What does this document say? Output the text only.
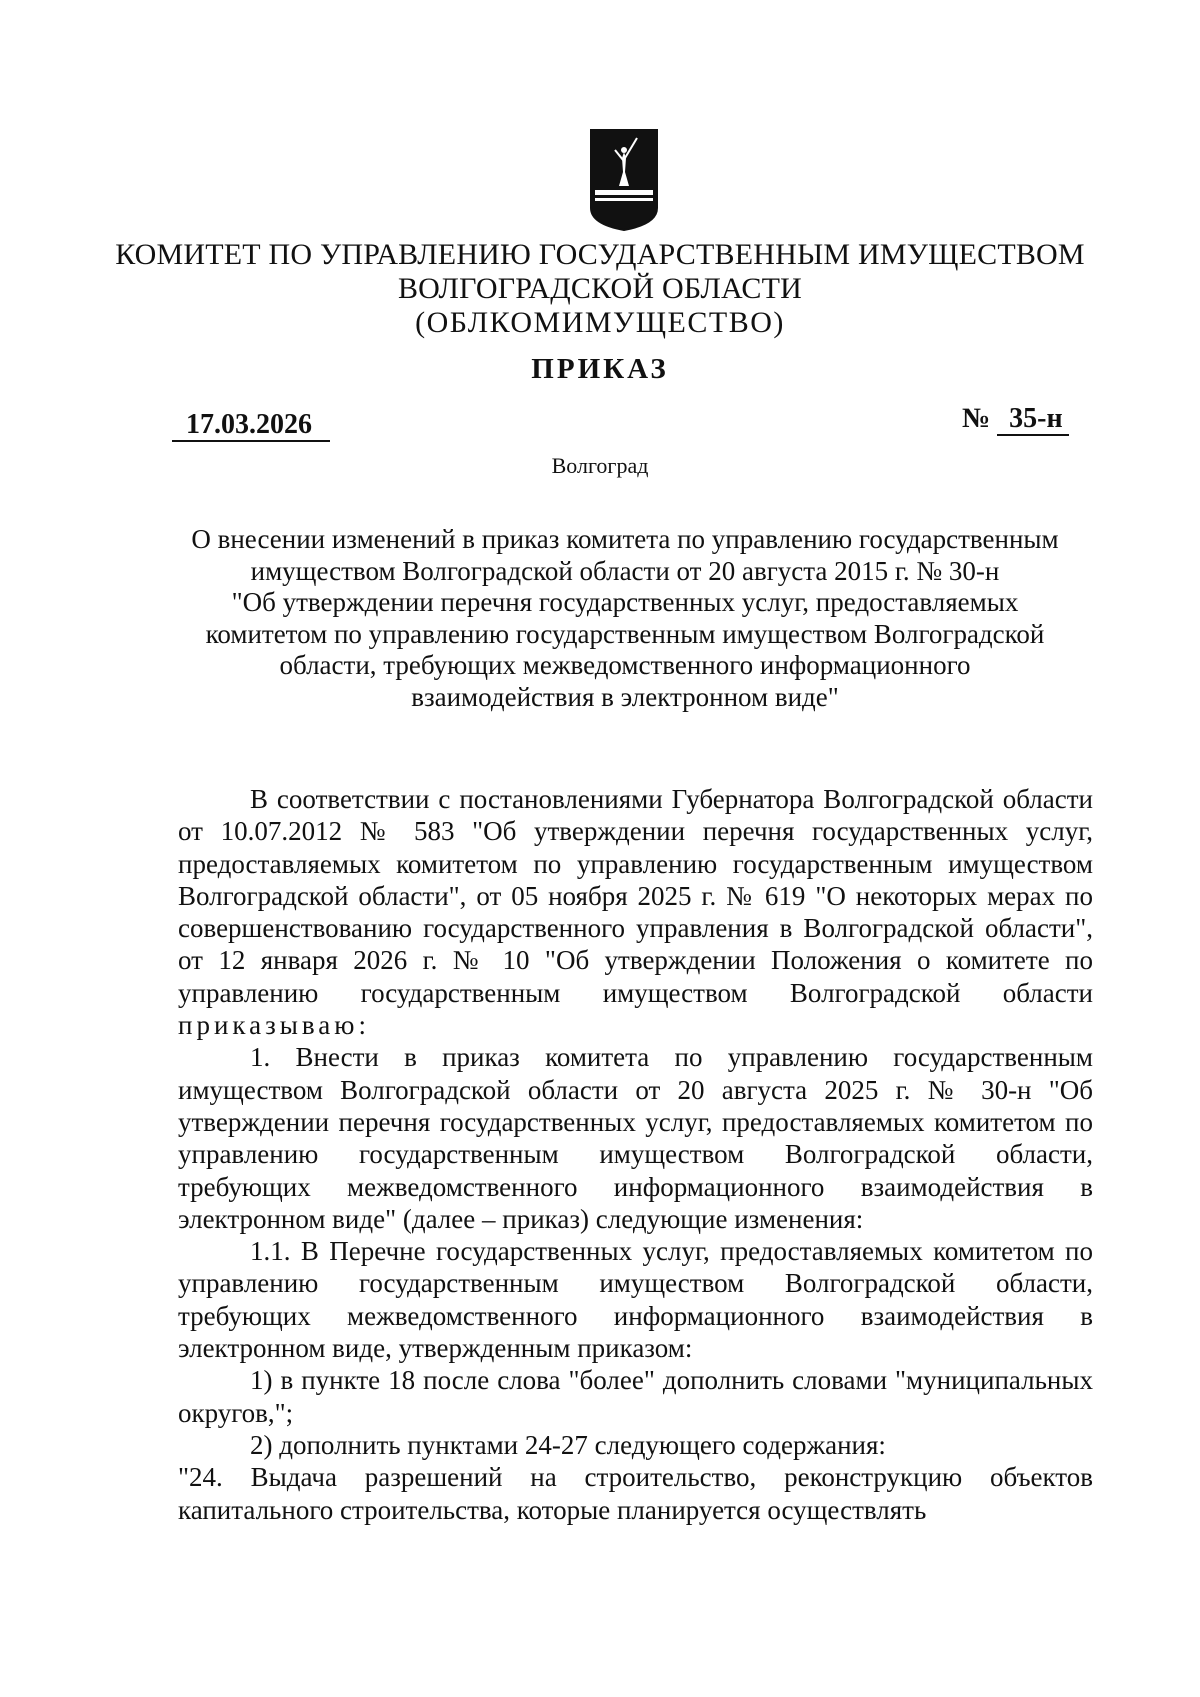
КОМИТЕТ ПО УПРАВЛЕНИЮ ГОСУДАРСТВЕННЫМ ИМУЩЕСТВОМ
ВОЛГОГРАДСКОЙ ОБЛАСТИ
(ОБЛКОМИМУЩЕСТВО)
ПРИКАЗ
17.03.2026	№ 35-н
Волгоград
О внесении изменений в приказ комитета по управлению государственным
имуществом Волгоградской области от 20 августа 2015 г. № 30-н
"Об утверждении перечня государственных услуг, предоставляемых
комитетом по управлению государственным имуществом Волгоградской
области, требующих межведомственного информационного
взаимодействия в электронном виде"
В соответствии с постановлениями Губернатора Волгоградской области от 10.07.2012 № 583 "Об утверждении перечня государственных услуг, предоставляемых комитетом по управлению государственным имуществом Волгоградской области", от 05 ноября 2025 г. № 619 "О некоторых мерах по совершенствованию государственного управления в Волгоградской области", от 12 января 2026 г. № 10 "Об утверждении Положения о комитете по управлению государственным имуществом Волгоградской области приказываю:
1. Внести в приказ комитета по управлению государственным имуществом Волгоградской области от 20 августа 2025 г. № 30-н "Об утверждении перечня государственных услуг, предоставляемых комитетом по управлению государственным имуществом Волгоградской области, требующих межведомственного информационного взаимодействия в электронном виде" (далее – приказ) следующие изменения:
1.1. В Перечне государственных услуг, предоставляемых комитетом по управлению государственным имуществом Волгоградской области, требующих межведомственного информационного взаимодействия в электронном виде, утвержденным приказом:
1) в пункте 18 после слова "более" дополнить словами "муниципальных округов,";
2) дополнить пунктами 24-27 следующего содержания:
"24. Выдача разрешений на строительство, реконструкцию объектов капитального строительства, которые планируется осуществлять
